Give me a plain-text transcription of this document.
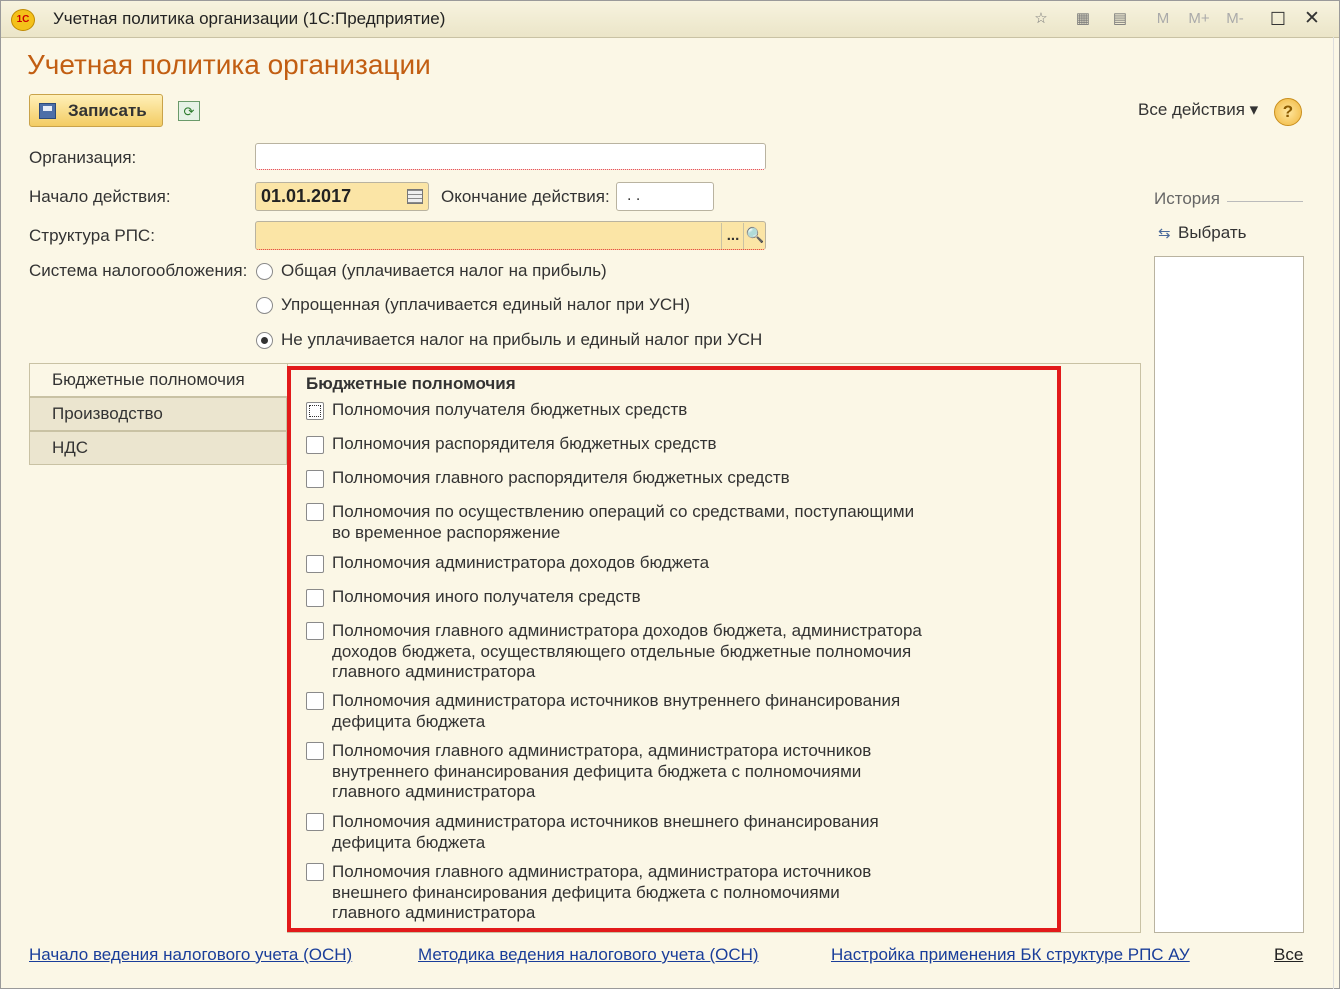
1С	Учетная политика организации (1С:Предприятие)	☆ ▦ ▤ M M+	M-	☐ ✕
Учетная политика организации
Записать	⟳	Все действия ▾	?
Организация:
Начало действия:	01.01.2017	Окончание действия: . .
Структура РПС:	... 🔍
Система налогообложения: Общая (уплачивается налог на прибыль)
Упрощенная (уплачивается единый налог при УСН)
Не уплачивается налог на прибыль и единый налог при УСН
Бюджетные полномочия
Производство
НДС
Бюджетные полномочия
Полномочия получателя бюджетных средств
Полномочия распорядителя бюджетных средств
Полномочия главного распорядителя бюджетных средств
Полномочия по осуществлению операций со средствами, поступающими во временное распоряжение
Полномочия администратора доходов бюджета
Полномочия иного получателя средств
Полномочия главного администратора доходов бюджета, администратора доходов бюджета, осуществляющего отдельные бюджетные полномочия главного администратора
Полномочия администратора источников внутреннего финансирования дефицита бюджета
Полномочия главного администратора, администратора источников внутреннего финансирования дефицита бюджета с полномочиями главного администратора
Полномочия администратора источников внешнего финансирования дефицита бюджета
Полномочия главного администратора, администратора источников внешнего финансирования дефицита бюджета с полномочиями главного администратора
История
⇆ Выбрать
Начало ведения налогового учета (ОСН)	Методика ведения налогового учета (ОСН)	Настройка применения БК структуре РПС АУ	Все
